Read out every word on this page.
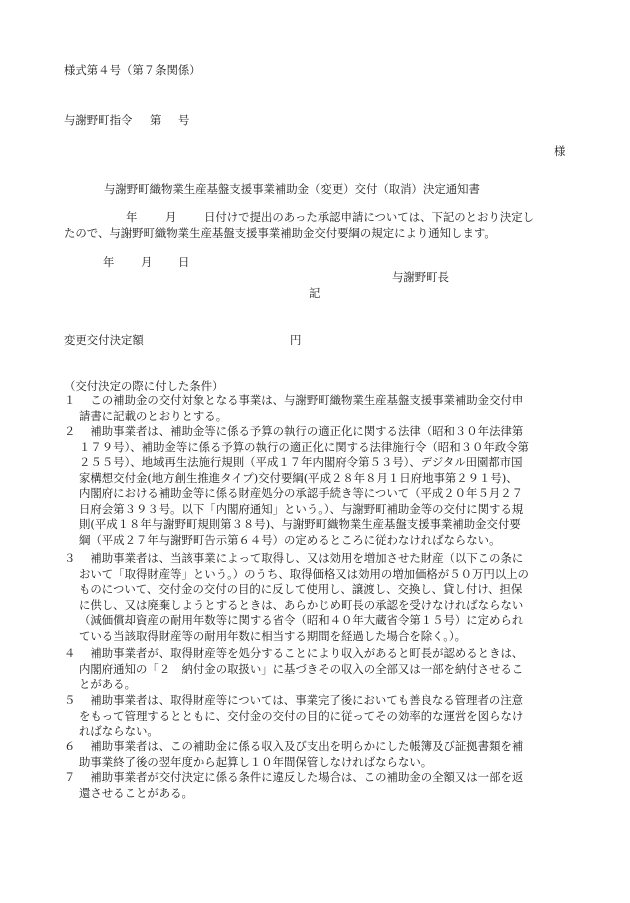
様式第４号（第７条関係）
与謝野町指令 第 号
様
与謝野町織物業生産基盤支援事業補助金（変更）交付（取消）決定通知書
年 月 日付けで提出のあった承認申請については、下記のとおり決定し
たので、与謝野町織物業生産基盤支援事業補助金交付要綱の規定により通知します。
年 月 日
与謝野町長
記
変更交付決定額	円
（交付決定の際に付した条件）
１ 　この補助金の交付対象となる事業は、与謝野町織物業生産基盤支援事業補助金交付申
請書に記載のとおりとする。
２ 　補助事業者は、補助金等に係る予算の執行の適正化に関する法律（昭和３０年法律第
１７９号）、補助金等に係る予算の執行の適正化に関する法律施行令（昭和３０年政令第
２５５号）、地域再生法施行規則（平成１７年内閣府令第５３号）、デジタル田園都市国
家構想交付金(地方創生推進タイプ)交付要綱(平成２８年８月１日府地事第２９１号)、
内閣府における補助金等に係る財産処分の承認手続き等について（平成２０年５月２７
日府会第３９３号。以下「内閣府通知」という。）、与謝野町補助金等の交付に関する規
則(平成１８年与謝野町規則第３８号)、与謝野町織物業生産基盤支援事業補助金交付要
綱（平成２７年与謝野町告示第６４号）の定めるところに従わなければならない。
３ 　補助事業者は、当該事業によって取得し、又は効用を増加させた財産（以下この条に
おいて「取得財産等」という。）のうち、取得価格又は効用の増加価格が５０万円以上の
ものについて、交付金の交付の目的に反して使用し、譲渡し、交換し、貸し付け、担保
に供し、又は廃棄しようとするときは、あらかじめ町長の承認を受けなければならない
（減価償却資産の耐用年数等に関する省令（昭和４０年大蔵省令第１５号）に定められ
ている当該取得財産等の耐用年数に相当する期間を経過した場合を除く。）。
４ 　補助事業者が、取得財産等を処分することにより収入があると町長が認めるときは、
内閣府通知の「２　納付金の取扱い」に基づきその収入の全部又は一部を納付させるこ
とがある。
５ 　補助事業者は、取得財産等については、事業完了後においても善良なる管理者の注意
をもって管理するとともに、交付金の交付の目的に従ってその効率的な運営を図らなけ
ればならない。
６ 　補助事業者は、この補助金に係る収入及び支出を明らかにした帳簿及び証拠書類を補
助事業終了後の翌年度から起算し１０年間保管しなければならない。
７ 　補助事業者が交付決定に係る条件に違反した場合は、この補助金の全額又は一部を返
還させることがある。
